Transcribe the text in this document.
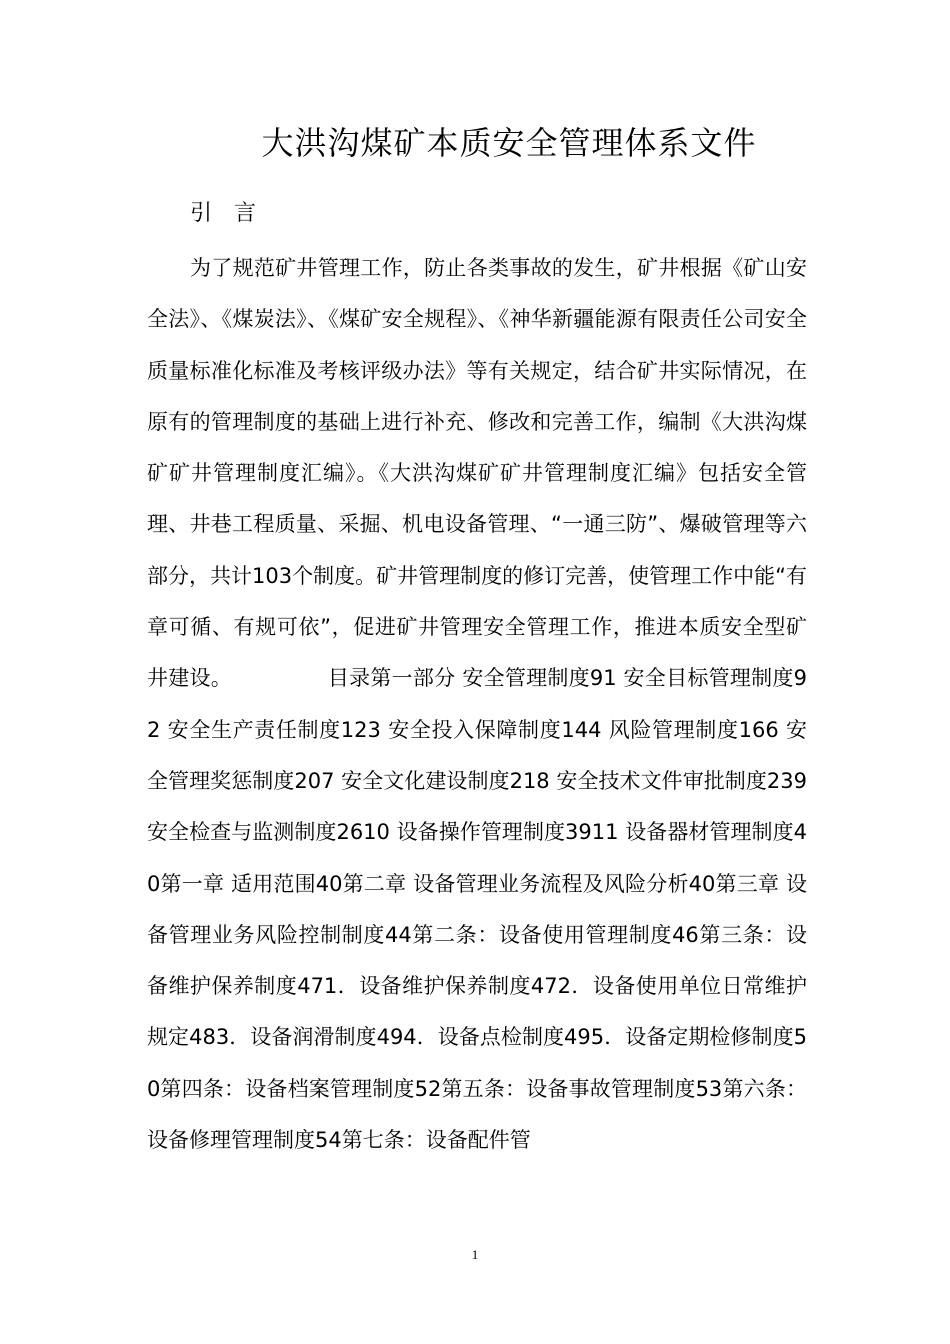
大洪沟煤矿本质安全管理体系文件
引　言

为了规范矿井管理工作，防止各类事故的发生，矿井根据《矿山安全法》、《煤炭法》、《煤矿安全规程》、《神华新疆能源有限责任公司安全质量标准化标准及考核评级办法》等有关规定，结合矿井实际情况，在原有的管理制度的基础上进行补充、修改和完善工作，编制《大洪沟煤矿矿井管理制度汇编》。《大洪沟煤矿矿井管理制度汇编》包括安全管理、井巷工程质量、采掘、机电设备管理、“一通三防”、爆破管理等六部分，共计103个制度。矿井管理制度的修订完善，使管理工作中能“有章可循、有规可依”，促进矿井管理安全管理工作，推进本质安全型矿井建设。　　　　　目录第一部分 安全管理制度91 安全目标管理制度92 安全生产责任制度123 安全投入保障制度144 风险管理制度166 安全管理奖惩制度207 安全文化建设制度218 安全技术文件审批制度239 安全检查与监测制度2610 设备操作管理制度3911 设备器材管理制度40第一章 适用范围40第二章 设备管理业务流程及风险分析40第三章 设备管理业务风险控制制度44第二条：设备使用管理制度46第三条：设备维护保养制度471．设备维护保养制度472．设备使用单位日常维护规定483．设备润滑制度494．设备点检制度495．设备定期检修制度50第四条：设备档案管理制度52第五条：设备事故管理制度53第六条：设备修理管理制度54第七条：设备配件管

1
